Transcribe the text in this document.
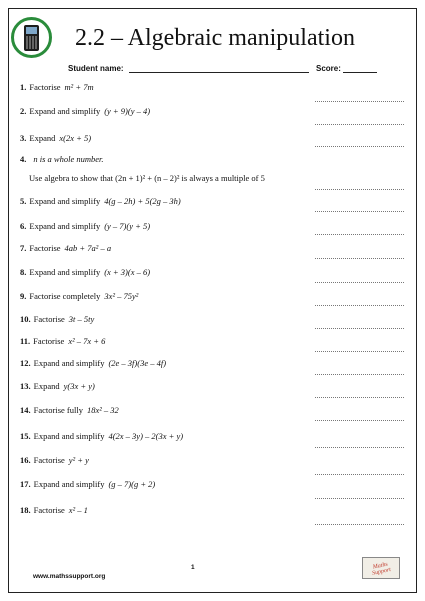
2.2 – Algebraic manipulation
Student name:	Score:
1. Factorise m² + 7m
2. Expand and simplify (y + 9)(y – 4)
3. Expand x(2x + 5)
4. n is a whole number.
Use algebra to show that (2n + 1)² + (n – 2)² is always a multiple of 5
5. Expand and simplify 4(g – 2h) + 5(2g – 3h)
6. Expand and simplify (y – 7)(y + 5)
7. Factorise 4ab + 7a² – a
8. Expand and simplify (x + 3)(x – 6)
9. Factorise completely 3x² – 75y²
10. Factorise 3t – 5ty
11. Factorise x² – 7x + 6
12. Expand and simplify (2e – 3f)(3e – 4f)
13. Expand y(3x + y)
14. Factorise fully 18x² – 32
15. Expand and simplify 4(2x – 3y) – 2(3x + y)
16. Factorise y² + y
17. Expand and simplify (g – 7)(g + 2)
18. Factorise x² – 1
1
www.mathssupport.org
Maths Support
